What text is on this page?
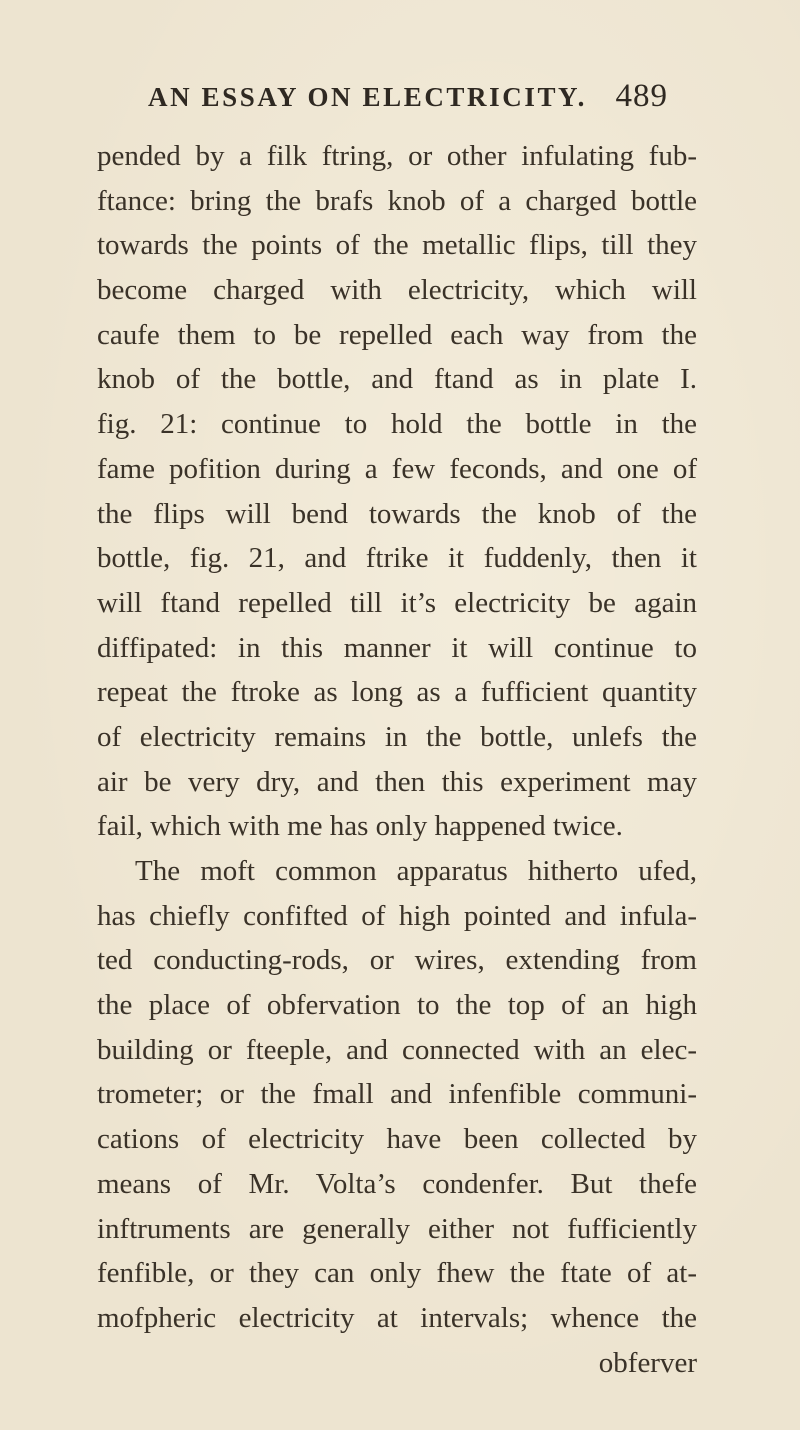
AN ESSAY ON ELECTRICITY. 489
pended by a filk ftring, or other infulating fub-
ftance: bring the brafs knob of a charged bottle
towards the points of the metallic flips, till they
become charged with electricity, which will
caufe them to be repelled each way from the
knob of the bottle, and ftand as in plate I.
fig. 21: continue to hold the bottle in the
fame pofition during a few feconds, and one of
the flips will bend towards the knob of the
bottle, fig. 21, and ftrike it fuddenly, then it
will ftand repelled till it’s electricity be again
diffipated: in this manner it will continue to
repeat the ftroke as long as a fufficient quantity
of electricity remains in the bottle, unlefs the
air be very dry, and then this experiment may
fail, which with me has only happened twice.
The moft common apparatus hitherto ufed,
has chiefly confifted of high pointed and infula-
ted conducting-rods, or wires, extending from
the place of obfervation to the top of an high
building or fteeple, and connected with an elec-
trometer; or the fmall and infenfible communi-
cations of electricity have been collected by
means of Mr. Volta’s condenfer. But thefe
inftruments are generally either not fufficiently
fenfible, or they can only fhew the ftate of at-
mofpheric electricity at intervals; whence the
obferver
